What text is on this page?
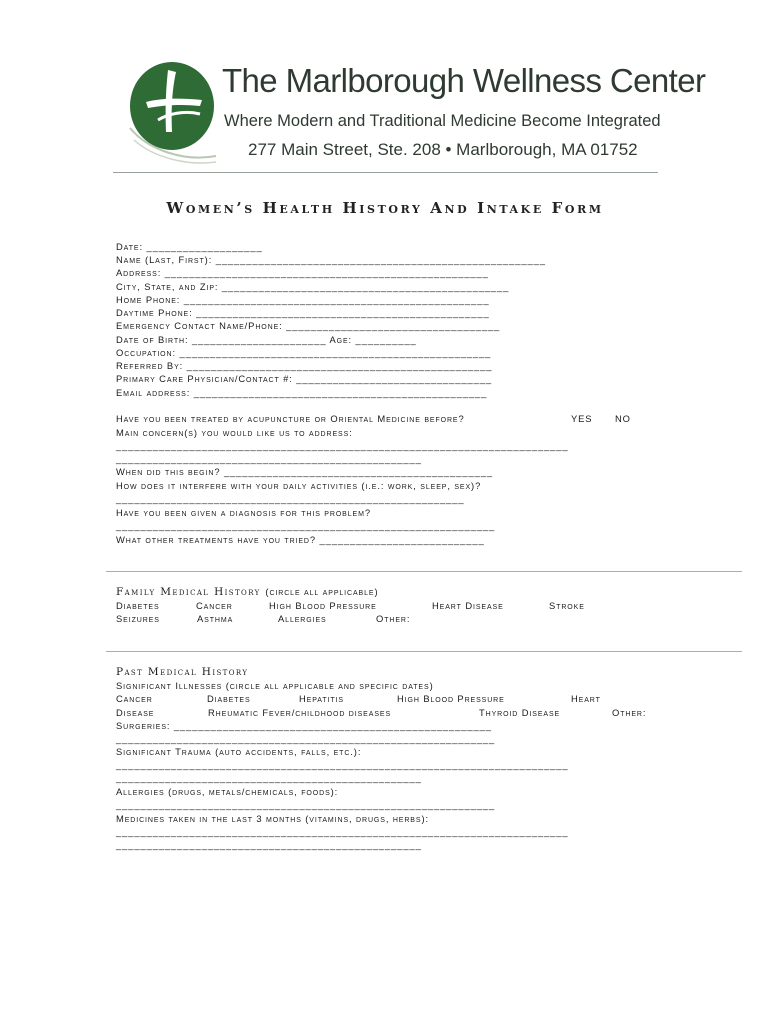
The Marlborough Wellness Center
Where Modern and Traditional Medicine Become Integrated
277 Main Street, Ste. 208 • Marlborough, MA 01752
Women’s Health History And Intake Form
Date: ___________________
Name (Last, First): ______________________________________________________
Address: _____________________________________________________
City, State, and Zip: _______________________________________________
Home Phone: __________________________________________________
Daytime Phone: ________________________________________________
Emergency Contact Name/Phone: ___________________________________
Date of Birth: ______________________ Age: __________
Occupation: ___________________________________________________
Referred By: __________________________________________________
Primary Care Physician/Contact #: ________________________________
Email address: ________________________________________________
Have you been treated by acupuncture or Oriental Medicine before?	YES NO
Main concern(s) you would like us to address:
__________________________________________________________________________
__________________________________________________
When did this begin? ____________________________________________
How does it interfere with your daily activities (i.e.: work, sleep, sex)?
_________________________________________________________
Have you been given a diagnosis for this problem?
______________________________________________________________
What other treatments have you tried? ___________________________
Family Medical History (circle all applicable)
Diabetes	Cancer	High Blood Pressure	Heart Disease	Stroke
Seizures	Asthma	Allergies	Other:
Past Medical History
Significant Illnesses (circle all applicable and specific dates)
Cancer	Diabetes	Hepatitis	High Blood Pressure	Heart
Disease	Rheumatic Fever/childhood diseases	Thyroid Disease	Other:
Surgeries: ____________________________________________________
______________________________________________________________
Significant Trauma (auto accidents, falls, etc.):
__________________________________________________________________________
__________________________________________________
Allergies (drugs, metals/chemicals, foods):
______________________________________________________________
Medicines taken in the last 3 months (vitamins, drugs, herbs):
__________________________________________________________________________
__________________________________________________
